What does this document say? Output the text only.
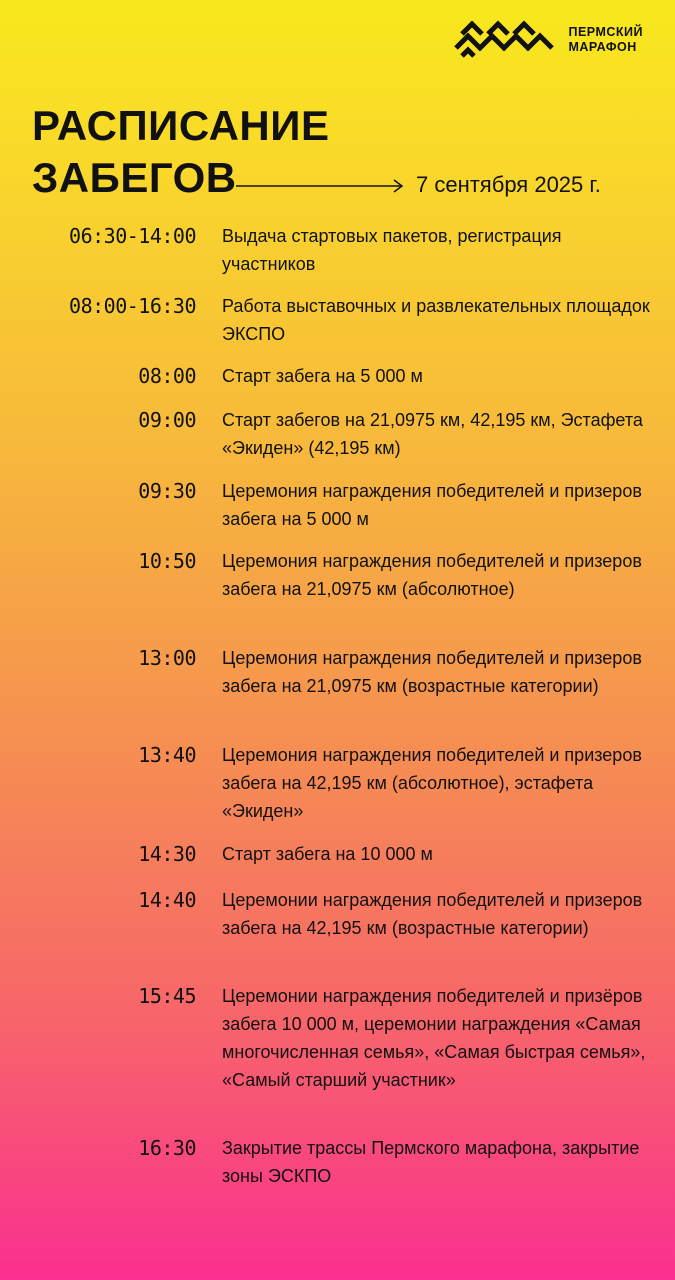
ПЕРМСКИЙ
МАРАФОН
РАСПИСАНИЕ
ЗАБЕГОВ	7 сентября 2025 г.
06:30-14:00 Выдача стартовых пакетов, регистрация участников
08:00-16:30 Работа выставочных и развлекательных площадок ЭКСПО
08:00 Старт забега на 5 000 м
09:00 Старт забегов на 21,0975 км, 42,195 км, Эстафета «Экиден» (42,195 км)
09:30 Церемония награждения победителей и призеров забега на 5 000 м
10:50 Церемония награждения победителей и призеров забега на 21,0975 км (абсолютное)
13:00 Церемония награждения победителей и призеров забега на 21,0975 км (возрастные категории)
13:40 Церемония награждения победителей и призеров забега на 42,195 км (абсолютное), эстафета «Экиден»
14:30 Старт забега на 10 000 м
14:40 Церемонии награждения победителей и призеров забега на 42,195 км (возрастные категории)
15:45 Церемонии награждения победителей и призёров забега 10 000 м, церемонии награждения «Самая многочисленная семья», «Самая быстрая семья», «Самый старший участник»
16:30 Закрытие трассы Пермского марафона, закрытие зоны ЭСКПО
